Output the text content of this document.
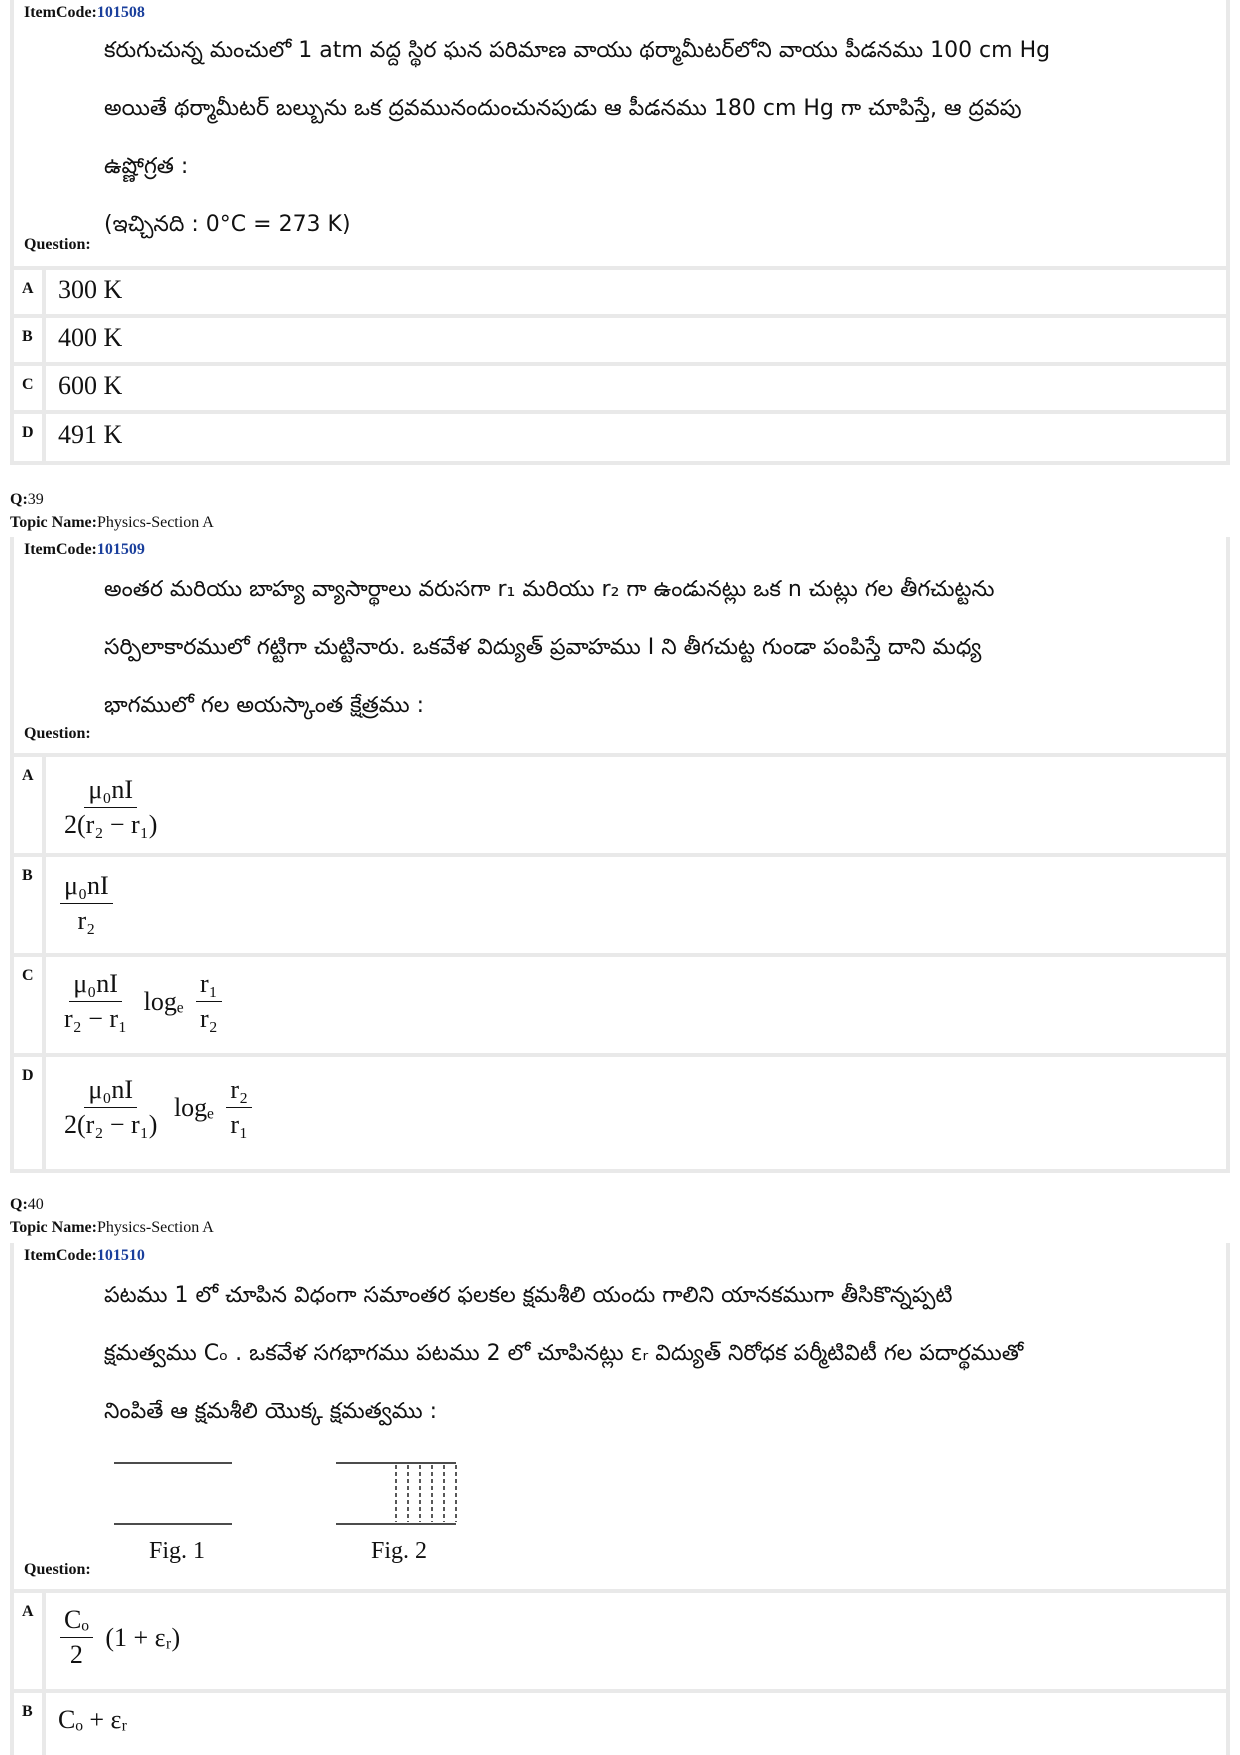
ItemCode:101508
కరుగుచున్న మంచులో 1 atm వద్ద స్థిర ఘన పరిమాణ వాయు థర్మామీటర్‌లోని వాయు పీడనము 100 cm Hg
అయితే థర్మామీటర్ బల్బును ఒక ద్రవమునందుంచునపుడు ఆ పీడనము 180 cm Hg గా చూపిస్తే, ఆ ద్రవపు
ఉష్ణోగ్రత :
(ఇచ్చినది : 0°C = 273 K)
Question:
A 300 K
B 400 K
C 600 K
D 491 K
Q:39
Topic Name:Physics-Section A
ItemCode:101509
అంతర మరియు బాహ్య వ్యాసార్థాలు వరుసగా r₁ మరియు r₂ గా ఉండునట్లు ఒక n చుట్లు గల తీగచుట్టను
సర్పిలాకారములో గట్టిగా చుట్టినారు. ఒకవేళ విద్యుత్ ప్రవాహము I ని తీగచుట్ట గుండా పంపిస్తే దాని మధ్య
భాగములో గల అయస్కాంత క్షేత్రము :
Question:
A	$\frac{\text{μ₀nI}}{\text{2(r₂ − r₁)}}$
B	$\frac{\text{μ₀nI}}{\text{r₂}}$
C	$\frac{\text{μ₀nI}}{\text{r₂ − r₁}}$ logₑ $\frac{\text{r₁}}{\text{r₂}}$
D	$\frac{\text{μ₀nI}}{\text{2(r₂ − r₁)}}$ logₑ $\frac{\text{r₂}}{\text{r₁}}$
Q:40
Topic Name:Physics-Section A
ItemCode:101510
పటము 1 లో చూపిన విధంగా సమాంతర ఫలకల క్షమశీలి యందు గాలిని యానకముగా తీసికొన్నప్పటి
క్షమత్వము Cₒ . ఒకవేళ సగభాగము పటము 2 లో చూపినట్లు εᵣ విద్యుత్ నిరోధక పర్మీటివిటీ గల పదార్థముతో
నింపితే ఆ క్షమశీలి యొక్క క్షమత్వము :
Fig. 1	Fig. 2
Question:
A	$\frac{\text{Cₒ}}{2} (1$ + εᵣ)
B Cₒ + εᵣ
